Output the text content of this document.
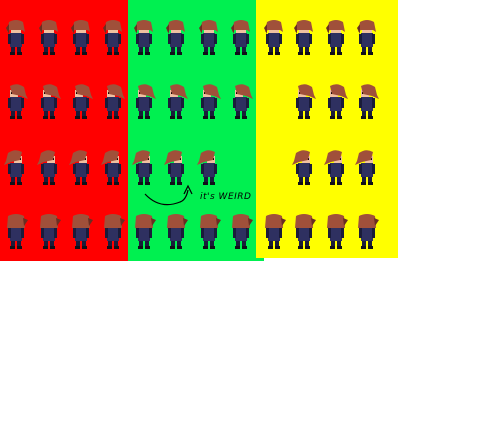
it's WEIRD
